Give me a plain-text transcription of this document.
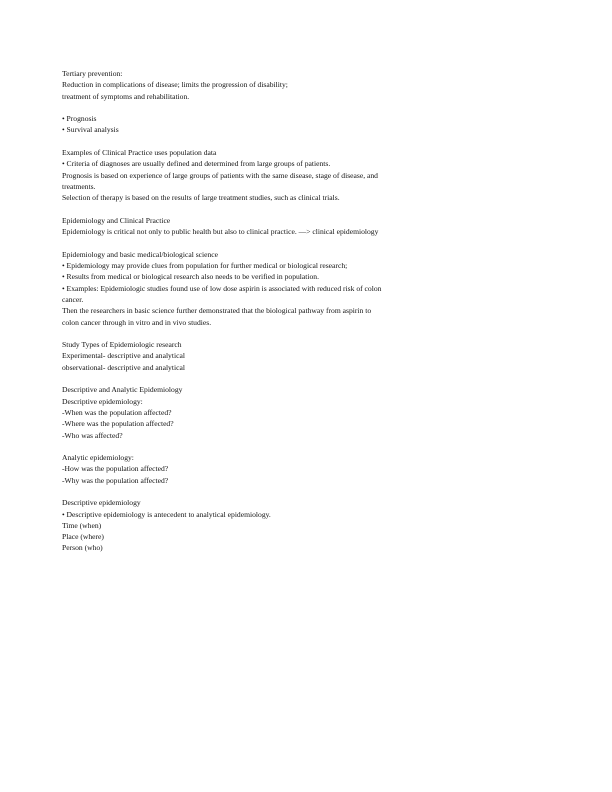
Tertiary prevention:
Reduction in complications of disease; limits the progression of disability;
treatment of symptoms and rehabilitation.
• Prognosis
• Survival analysis
Examples of Clinical Practice uses population data
• Criteria of diagnoses are usually defined and determined from large groups of patients.
Prognosis is based on experience of large groups of patients with the same disease, stage of disease, and
treatments.
Selection of therapy is based on the results of large treatment studies, such as clinical trials.
Epidemiology and Clinical Practice
Epidemiology is critical not only to public health but also to clinical practice. —> clinical epidemiology
Epidemiology and basic medical/biological science
• Epidemiology may provide clues from population for further medical or biological research;
• Results from medical or biological research also needs to be verified in population.
• Examples: Epidemiologic studies found use of low dose aspirin is associated with reduced risk of colon
cancer.
Then the researchers in basic science further demonstrated that the biological pathway from aspirin to
colon cancer through in vitro and in vivo studies.
Study Types of Epidemiologic research
Experimental- descriptive and analytical
observational- descriptive and analytical
Descriptive and Analytic Epidemiology
Descriptive epidemiology:
-When was the population affected?
-Where was the population affected?
-Who was affected?
Analytic epidemiology:
-How was the population affected?
-Why was the population affected?
Descriptive epidemiology
• Descriptive epidemiology is antecedent to analytical epidemiology.
Time (when)
Place (where)
Person (who)
